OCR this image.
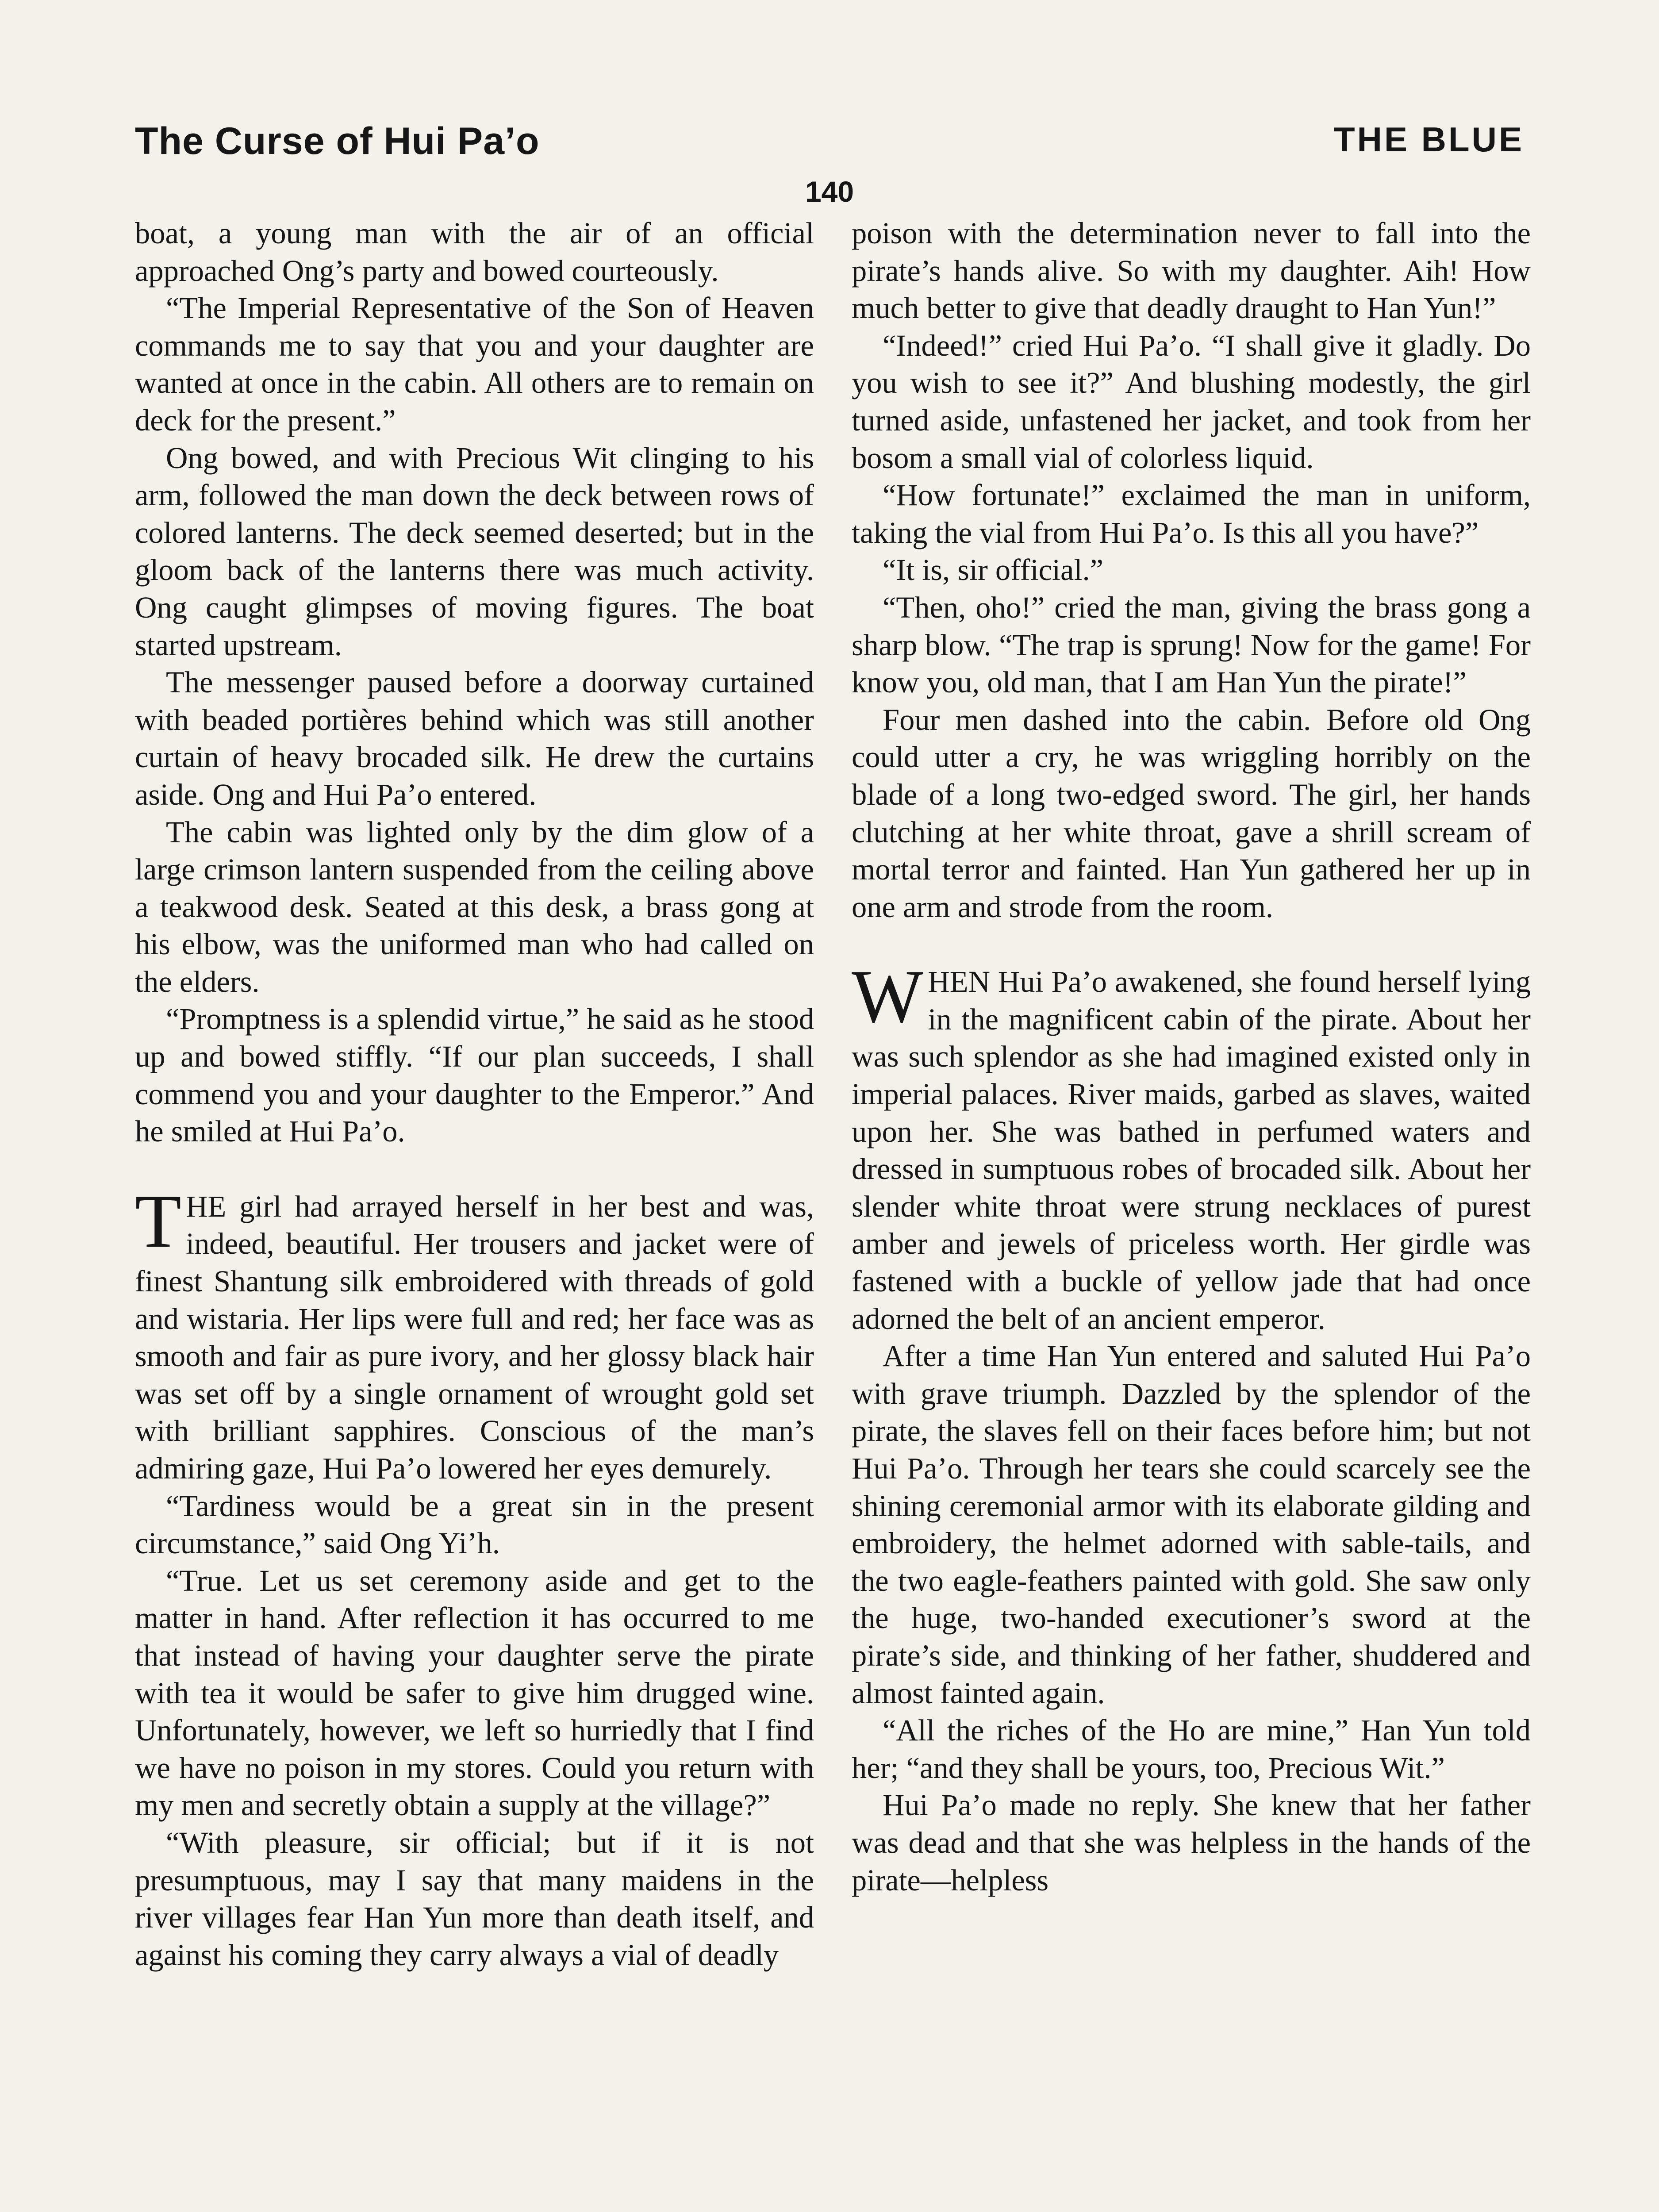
The Curse of Hui Pa’o	THE BLUE
140

boat, a young man with the air of an official approached Ong’s party and bowed courteously.

“The Imperial Representative of the Son of Heaven commands me to say that you and your daughter are wanted at once in the cabin. All others are to remain on deck for the present.”

Ong bowed, and with Precious Wit clinging to his arm, followed the man down the deck between rows of colored lanterns. The deck seemed deserted; but in the gloom back of the lanterns there was much activity. Ong caught glimpses of moving figures. The boat started upstream.

The messenger paused before a doorway curtained with beaded portières behind which was still another curtain of heavy brocaded silk. He drew the curtains aside. Ong and Hui Pa’o entered.

The cabin was lighted only by the dim glow of a large crimson lantern suspended from the ceiling above a teakwood desk. Seated at this desk, a brass gong at his elbow, was the uniformed man who had called on the elders.

“Promptness is a splendid virtue,” he said as he stood up and bowed stiffly. “If our plan succeeds, I shall commend you and your daughter to the Emperor.” And he smiled at Hui Pa’o.

THE girl had arrayed herself in her best and was, indeed, beautiful. Her trousers and jacket were of finest Shantung silk embroidered with threads of gold and wistaria. Her lips were full and red; her face was as smooth and fair as pure ivory, and her glossy black hair was set off by a single ornament of wrought gold set with brilliant sapphires. Conscious of the man’s admiring gaze, Hui Pa’o lowered her eyes demurely.

“Tardiness would be a great sin in the present circumstance,” said Ong Yi’h.

“True. Let us set ceremony aside and get to the matter in hand. After reflection it has occurred to me that instead of having your daughter serve the pirate with tea it would be safer to give him drugged wine. Unfortunately, however, we left so hurriedly that I find we have no poison in my stores. Could you return with my men and secretly obtain a supply at the village?”

“With pleasure, sir official; but if it is not presumptuous, may I say that many maidens in the river villages fear Han Yun more than death itself, and against his coming they carry always a vial of deadly

poison with the determination never to fall into the pirate’s hands alive. So with my daughter. Aih! How much better to give that deadly draught to Han Yun!”

“Indeed!” cried Hui Pa’o. “I shall give it gladly. Do you wish to see it?” And blushing modestly, the girl turned aside, unfastened her jacket, and took from her bosom a small vial of colorless liquid.

“How fortunate!” exclaimed the man in uniform, taking the vial from Hui Pa’o. Is this all you have?”

“It is, sir official.”

“Then, oho!” cried the man, giving the brass gong a sharp blow. “The trap is sprung! Now for the game! For know you, old man, that I am Han Yun the pirate!”

Four men dashed into the cabin. Before old Ong could utter a cry, he was wriggling horribly on the blade of a long two-edged sword. The girl, her hands clutching at her white throat, gave a shrill scream of mortal terror and fainted. Han Yun gathered her up in one arm and strode from the room.

WHEN Hui Pa’o awakened, she found herself lying in the magnificent cabin of the pirate. About her was such splendor as she had imagined existed only in imperial palaces. River maids, garbed as slaves, waited upon her. She was bathed in perfumed waters and dressed in sumptuous robes of brocaded silk. About her slender white throat were strung necklaces of purest amber and jewels of priceless worth. Her girdle was fastened with a buckle of yellow jade that had once adorned the belt of an ancient emperor.

After a time Han Yun entered and saluted Hui Pa’o with grave triumph. Dazzled by the splendor of the pirate, the slaves fell on their faces before him; but not Hui Pa’o. Through her tears she could scarcely see the shining ceremonial armor with its elaborate gilding and embroidery, the helmet adorned with sable-tails, and the two eagle-feathers painted with gold. She saw only the huge, two-handed executioner’s sword at the pirate’s side, and thinking of her father, shuddered and almost fainted again.

“All the riches of the Ho are mine,” Han Yun told her; “and they shall be yours, too, Precious Wit.”

Hui Pa’o made no reply. She knew that her father was dead and that she was helpless in the hands of the pirate—helpless
